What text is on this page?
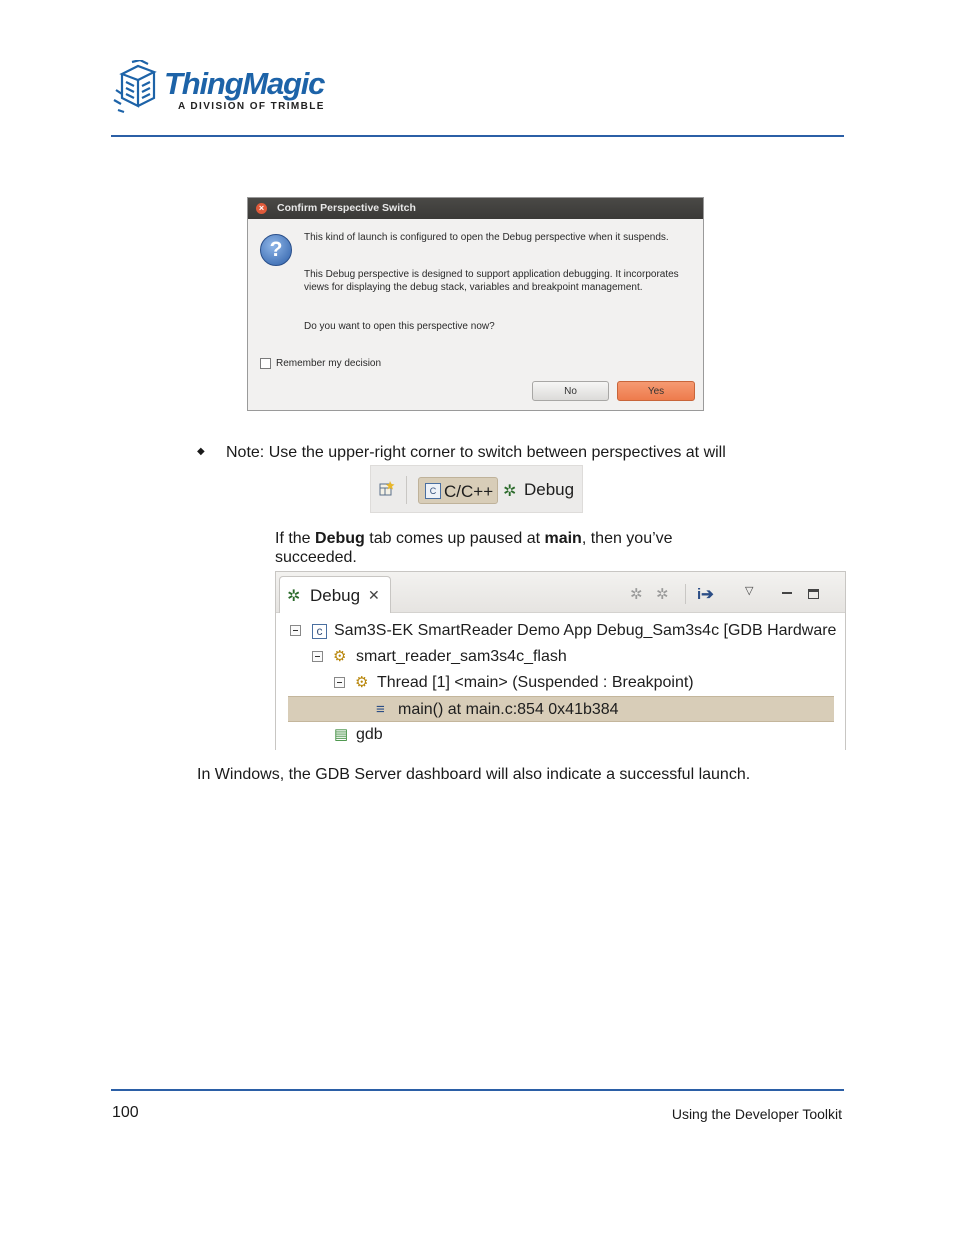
ThingMagic
A DIVISION OF TRIMBLE
× Confirm Perspective Switch
?
This kind of launch is configured to open the Debug perspective when it suspends.
This Debug perspective is designed to support application debugging. It incorporates views for displaying the debug stack, variables and breakpoint management.
Do you want to open this perspective now?
Remember my decision
No	Yes
◆ Note: Use the upper-right corner to switch between perspectives at will
C C/C++ ✲ Debug
If the Debug tab comes up paused at main, then you’ve succeeded.
✲ Debug ✕	✲ ✲ i➔	▽
c Sam3S-EK SmartReader Demo App Debug_Sam3s4c [GDB Hardware
⚙ smart_reader_sam3s4c_flash
⚙ Thread [1] <main> (Suspended : Breakpoint)
≡ main() at main.c:854 0x41b384
▤ gdb
In Windows, the GDB Server dashboard will also indicate a successful launch.
100	Using the Developer Toolkit
